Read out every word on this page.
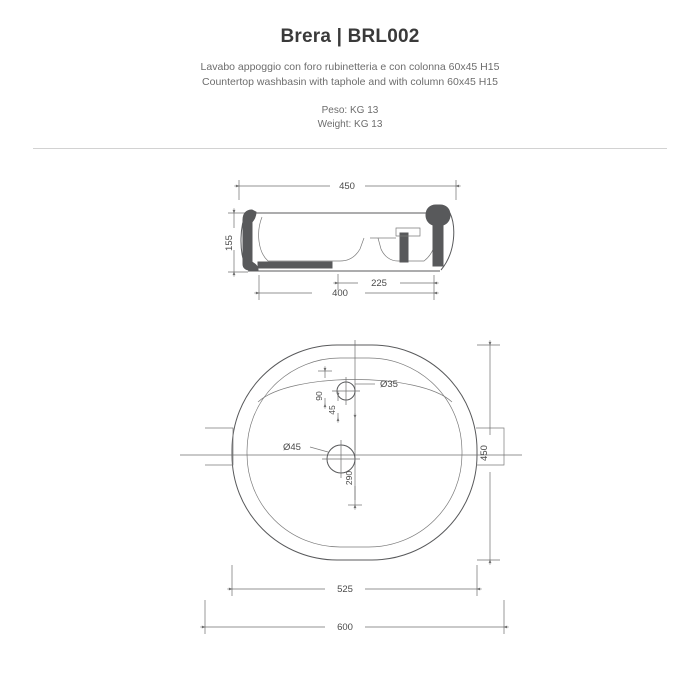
Brera | BRL002
Lavabo appoggio con foro rubinetteria e con colonna 60x45 H15
Countertop washbasin with taphole and with column 60x45 H15
Peso: KG 13
Weight: KG 13
450
155
400
225
Ø35
Ø45
90
45
290
450
525
600
